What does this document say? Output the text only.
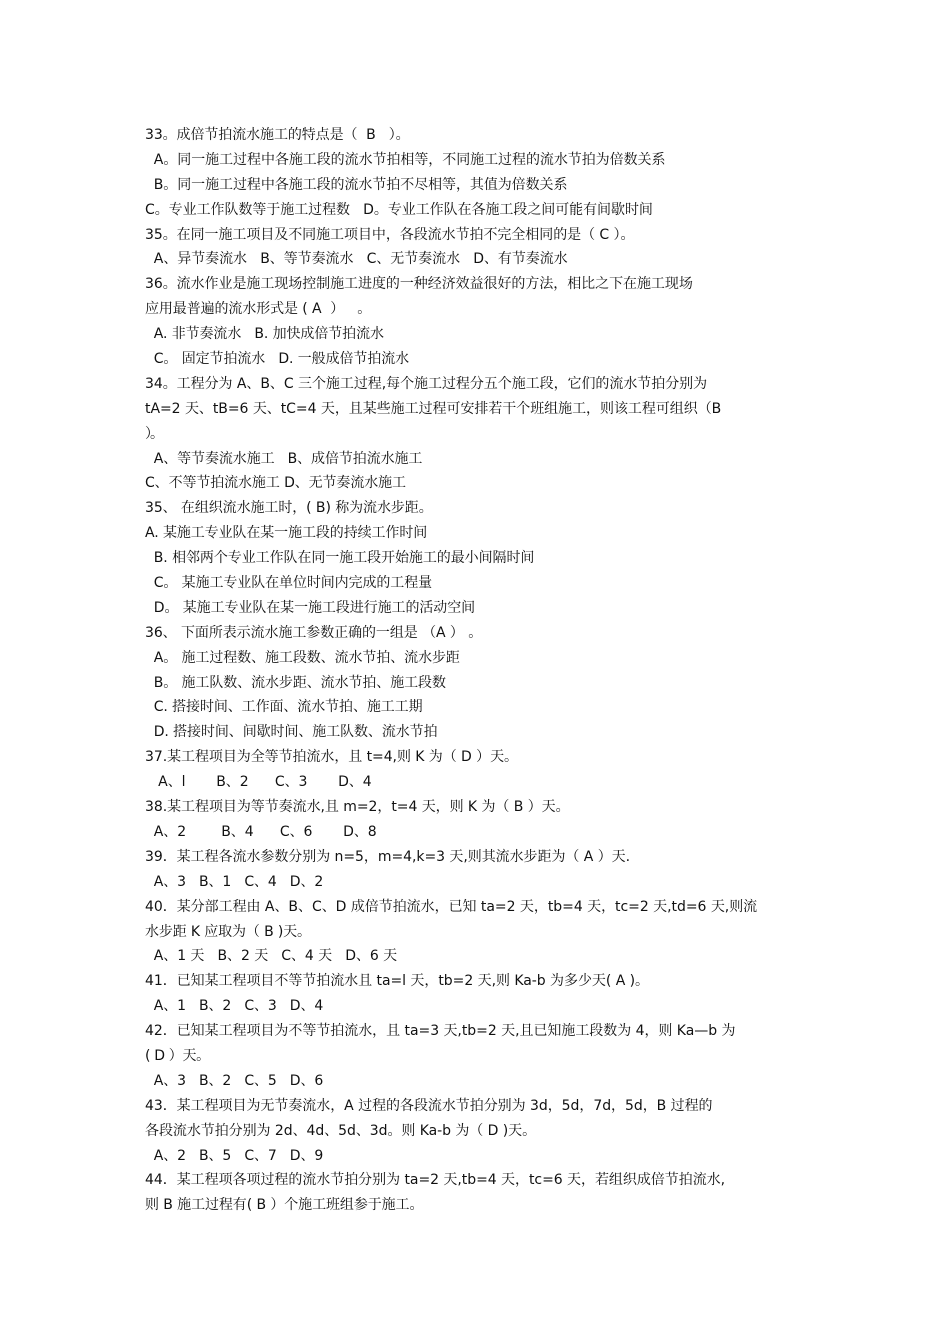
33。成倍节拍流水施工的特点是（  B   ）。
A。同一施工过程中各施工段的流水节拍相等，不同施工过程的流水节拍为倍数关系
B。同一施工过程中各施工段的流水节拍不尽相等，其值为倍数关系
C。专业工作队数等于施工过程数   D。专业工作队在各施工段之间可能有间歇时间
35。在同一施工项目及不同施工项目中，各段流水节拍不完全相同的是（ C ）。
A、异节奏流水   B、等节奏流水   C、无节奏流水   D、有节奏流水
36。流水作业是施工现场控制施工进度的一种经济效益很好的方法，相比之下在施工现场
应用最普遍的流水形式是 ( A  ）   。
A. 非节奏流水   B. 加快成倍节拍流水
C。 固定节拍流水   D. 一般成倍节拍流水
34。工程分为 A、B、C 三个施工过程,每个施工过程分五个施工段，它们的流水节拍分别为
tA=2 天、tB=6 天、tC=4 天，且某些施工过程可安排若干个班组施工，则该工程可组织（B
）。
A、等节奏流水施工   B、成倍节拍流水施工
C、不等节拍流水施工 D、无节奏流水施工
35、 在组织流水施工时，( B) 称为流水步距。
A. 某施工专业队在某一施工段的持续工作时间
B. 相邻两个专业工作队在同一施工段开始施工的最小间隔时间
C。 某施工专业队在单位时间内完成的工程量
D。 某施工专业队在某一施工段进行施工的活动空间
36、 下面所表示流水施工参数正确的一组是 （A ） 。
A。 施工过程数、施工段数、流水节拍、流水步距
B。 施工队数、流水步距、流水节拍、施工段数
C. 搭接时间、工作面、流水节拍、施工工期
D. 搭接时间、间歇时间、施工队数、流水节拍
37.某工程项目为全等节拍流水，且 t=4,则 K 为（ D ）天。
A、l       B、2      C、3       D、4
38.某工程项目为等节奏流水,且 m=2，t=4 天，则 K 为（ B ）天。
A、2        B、4      C、6       D、8
39．某工程各流水参数分别为 n=5，m=4,k=3 天,则其流水步距为（ A ）天.
A、3   B、1   C、4   D、2
40．某分部工程由 A、B、C、D 成倍节拍流水，已知 ta=2 天，tb=4 天，tc=2 天,td=6 天,则流
水步距 K 应取为（ B )天。
A、1 天   B、2 天   C、4 天   D、6 天
41．已知某工程项目不等节拍流水且 ta=l 天，tb=2 天,则 Ka-b 为多少天( A )。
A、1   B、2   C、3   D、4
42．已知某工程项目为不等节拍流水，且 ta=3 天,tb=2 天,且已知施工段数为 4，则 Ka—b 为
( D ）天。
A、3   B、2   C、5   D、6
43．某工程项目为无节奏流水，A 过程的各段流水节拍分别为 3d，5d，7d，5d，B 过程的
各段流水节拍分别为 2d、4d、5d、3d。则 Ka-b 为（ D )天。
A、2   B、5   C、7   D、9
44．某工程项各项过程的流水节拍分别为 ta=2 天,tb=4 天，tc=6 天，若组织成倍节拍流水,
则 B 施工过程有( B ）个施工班组参于施工。
